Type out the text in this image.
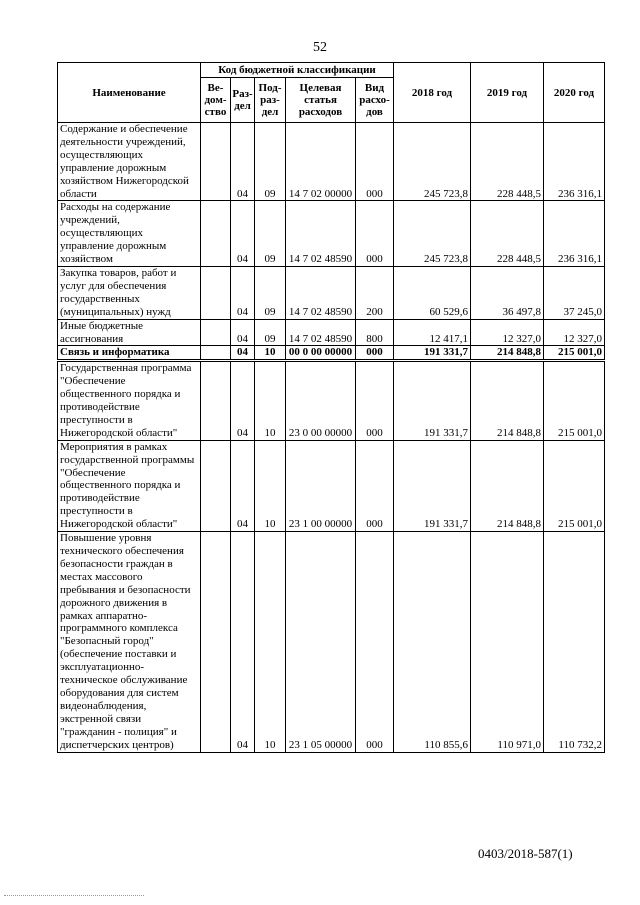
52
Наименование	Код бюджетной классификации					2018 год	2019 год	2020 год
	Ве-дом-ство	Раз-дел	Под-раз-дел	Целевая статья расходов	Вид расхо-дов			
Содержание и обеспечение деятельности учреждений, осуществляющих управление дорожным хозяйством Нижегородской области		04	09	14 7 02 00000	000	245 723,8	228 448,5	236 316,1
Расходы на содержание учреждений, осуществляющих управление дорожным хозяйством		04	09	14 7 02 48590	000	245 723,8	228 448,5	236 316,1
Закупка товаров, работ и услуг для обеспечения государственных (муниципальных) нужд		04	09	14 7 02 48590	200	60 529,6	36 497,8	37 245,0
Иные бюджетные ассигнования		04	09	14 7 02 48590	800	12 417,1	12 327,0	12 327,0
Связь и информатика		04	10	00 0 00 00000	000	191 331,7	214 848,8	215 001,0
Государственная программа "Обеспечение общественного порядка и противодействие преступности в Нижегородской области"		04	10	23 0 00 00000	000	191 331,7	214 848,8	215 001,0
Мероприятия в рамках государственной программы "Обеспечение общественного порядка и противодействие преступности в Нижегородской области"		04	10	23 1 00 00000	000	191 331,7	214 848,8	215 001,0
Повышение уровня технического обеспечения безопасности граждан в местах массового пребывания и безопасности дорожного движения в рамках аппаратно-программного комплекса "Безопасный город" (обеспечение поставки и эксплуатационно-техническое обслуживание оборудования для систем видеонаблюдения, экстренной связи "гражданин - полиция" и диспетчерских центров)		04	10	23 1 05 00000	000	110 855,6	110 971,0	110 732,2
0403/2018-587(1)
